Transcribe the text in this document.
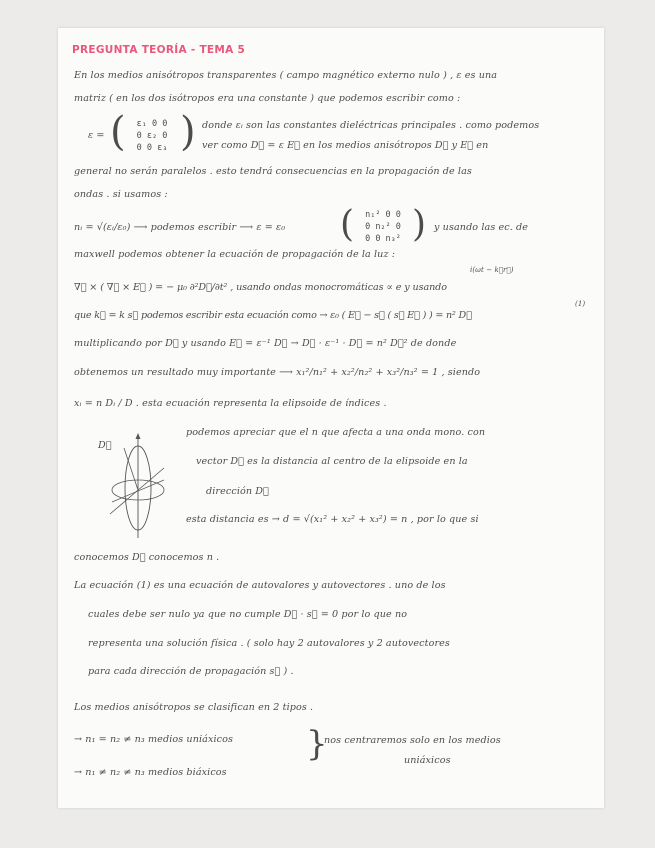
PREGUNTA TEORÍA - TEMA 5
En los medios anisótropos transparentes ( campo magnético externo nulo ) , ε es una
matriz ( en los dos isótropos era una constante ) que podemos escribir como :
ε = (	ε₁ 0 0
0 ε₂ 0
0 0 ε₃ ) donde εᵢ son las constantes dieléctricas principales . como podemos
ver como D⃗ = ε E⃗ en los medios anisótropos D⃗ y E⃗ en
general no serán paralelos . esto tendrá consecuencias en la propagación de las
ondas . si usamos :
nᵢ = √(εᵢ/ε₀) ⟶ podemos escribir ⟶ ε = ε₀ (	n₁² 0 0
0 n₂² 0
0 0 n₃² ) y usando las ec. de
maxwell podemos obtener la ecuación de propagación de la luz :
i(ωt − k⃗r⃗)
∇⃗ × ( ∇⃗ × E⃗ ) = − μ₀ ∂²D⃗/∂t² , usando ondas monocromáticas ∝ e y usando
que k⃗ = k s⃗ podemos escribir esta ecuación como → ε₀ ( E⃗ − s⃗ ( s⃗ E⃗ ) ) = n² D⃗
(1)
multiplicando por D⃗ y usando E⃗ = ε⁻¹ D⃗ → D⃗ · ε⁻¹ · D⃗ = n² D⃗² de donde
obtenemos un resultado muy importante ⟶ x₁²/n₁² + x₂²/n₂² + x₃²/n₃² = 1 , siendo
xᵢ = n Dᵢ / D . esta ecuación representa la elipsoide de índices .
D⃗
podemos apreciar que el n que afecta a una onda mono. con
vector D⃗ es la distancia al centro de la elipsoide en la
dirección D⃗
esta distancia es → d = √(x₁² + x₂² + x₃²) = n , por lo que si
conocemos D⃗ conocemos n .
La ecuación (1) es una ecuación de autovalores y autovectores . uno de los
cuales debe ser nulo ya que no cumple D⃗ · s⃗ = 0 por lo que no
representa una solución física . ( solo hay 2 autovalores y 2 autovectores
para cada dirección de propagación s⃗ ) .
Los medios anisótropos se clasifican en 2 tipos .
→ n₁ = n₂ ≠ n₃ medios uniáxicos
→ n₁ ≠ n₂ ≠ n₃ medios biáxicos
}
nos centraremos solo en los medios
uniáxicos
